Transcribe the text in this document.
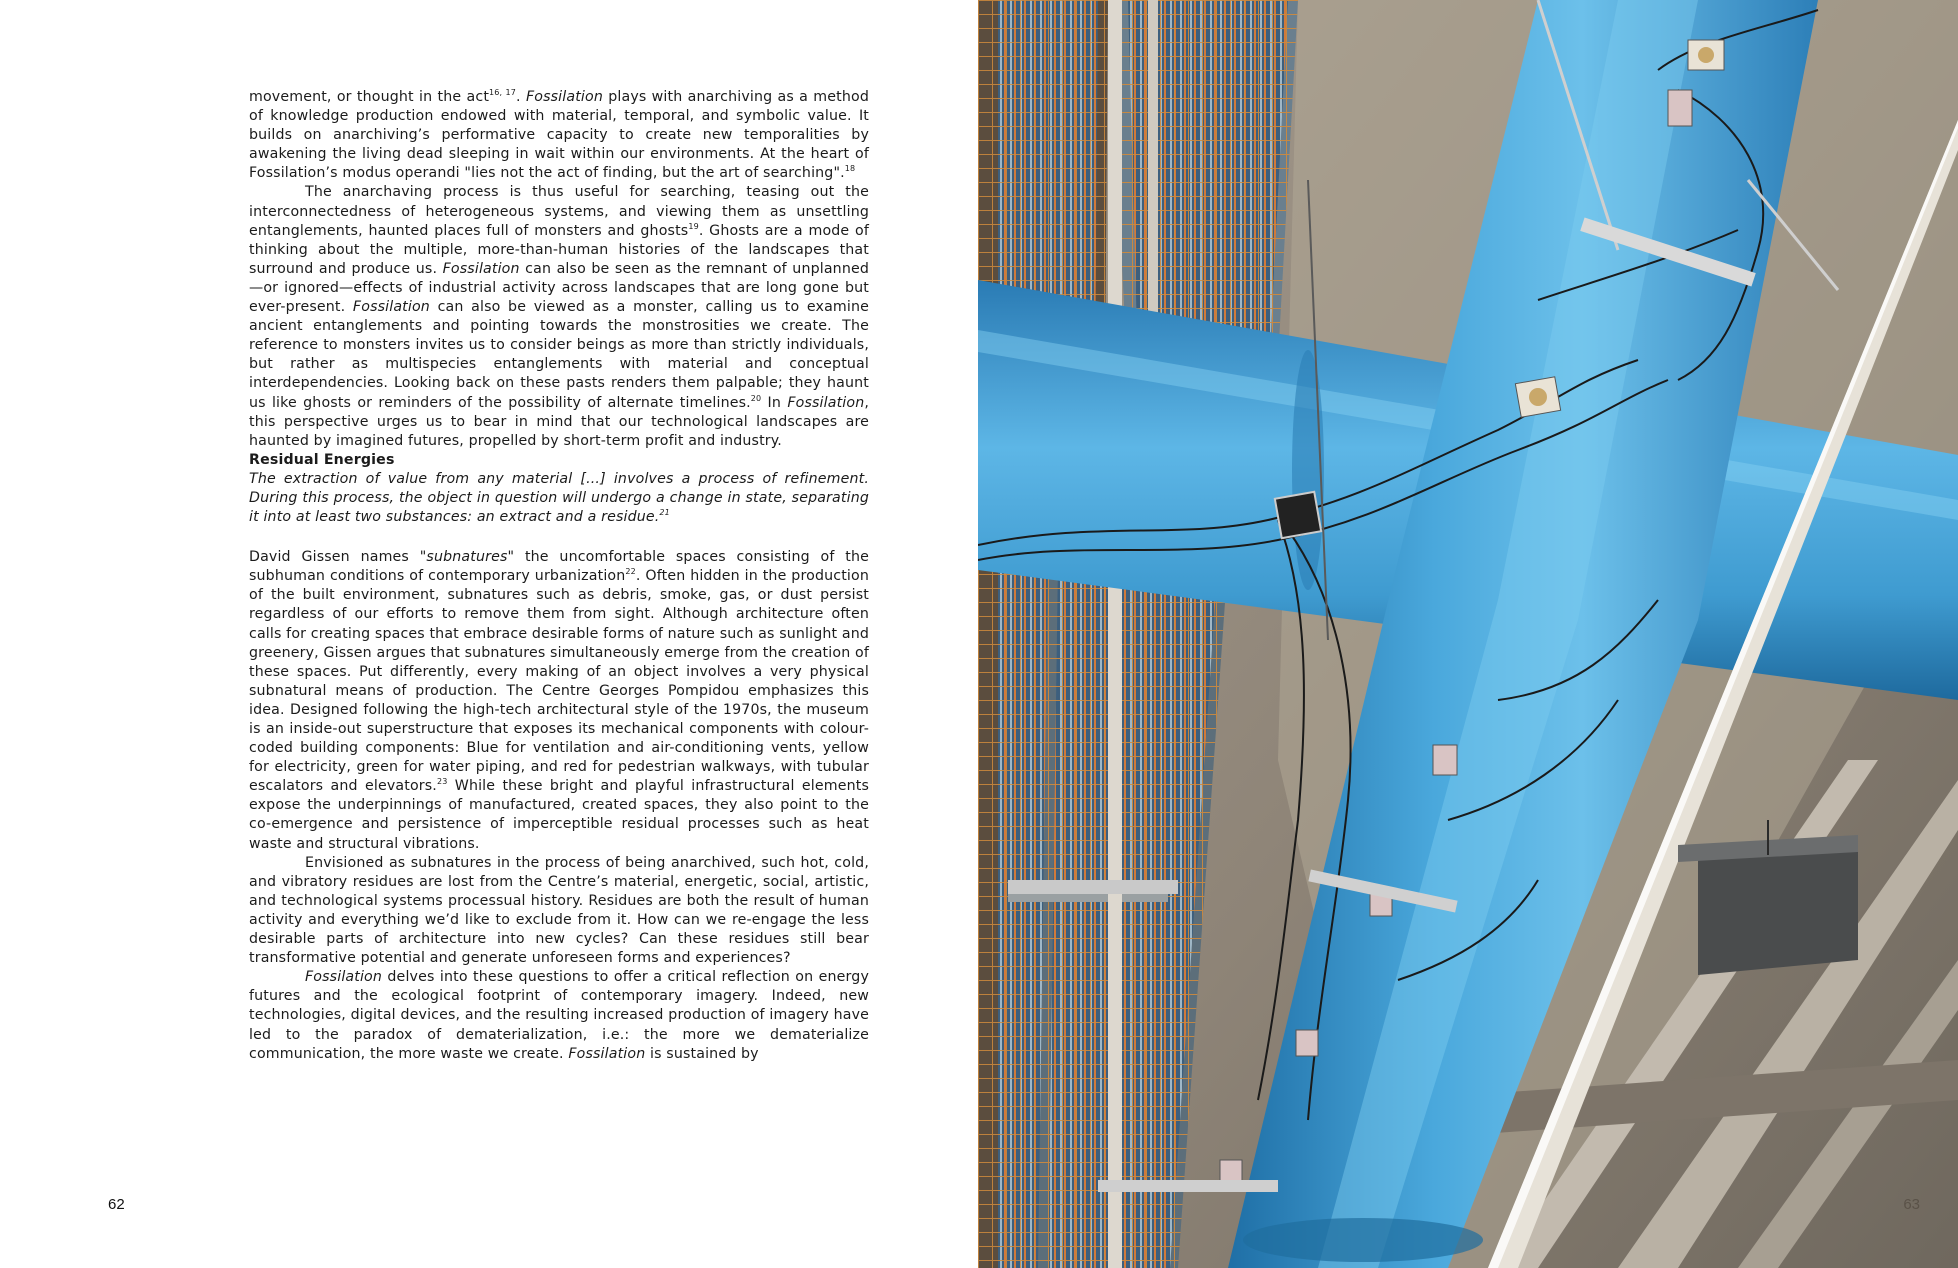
movement, or thought in the act$^{16, 17}$. Fossilation plays with anarchiving as a method of knowledge production endowed with material, temporal, and symbolic value. It builds on anarchiving’s performative capacity to create new temporalities by awakening the living dead sleeping in wait within our environments. At the heart of Fossilation’s modus operandi "lies not the act of finding, but the art of searching".$^{18}$

The anarchaving process is thus useful for searching, teasing out the interconnectedness of heterogeneous systems, and viewing them as unsettling entanglements, haunted places full of monsters and ghosts$^{19}$. Ghosts are a mode of thinking about the multiple, more-than-human histories of the landscapes that surround and produce us. Fossilation can also be seen as the remnant of unplanned—or ignored—effects of industrial activity across landscapes that are long gone but ever-present. Fossilation can also be viewed as a monster, calling us to examine ancient entanglements and pointing towards the monstrosities we create. The reference to monsters invites us to consider beings as more than strictly individuals, but rather as multispecies entanglements with material and conceptual interdependencies. Looking back on these pasts renders them palpable; they haunt us like ghosts or reminders of the possibility of alternate timelines.$^{20}$ In Fossilation, this perspective urges us to bear in mind that our technological landscapes are haunted by imagined futures, propelled by short-term profit and industry.

Residual Energies

The extraction of value from any material [...] involves a process of refinement. During this process, the object in question will undergo a change in state, separating it into at least two substances: an extract and a residue.$^{21}$

David Gissen names "subnatures" the uncomfortable spaces consisting of the subhuman conditions of contemporary urbanization$^{22}$. Often hidden in the production of the built environment, subnatures such as debris, smoke, gas, or dust persist regardless of our efforts to remove them from sight. Although architecture often calls for creating spaces that embrace desirable forms of nature such as sunlight and greenery, Gissen argues that subnatures simultaneously emerge from the creation of these spaces. Put differently, every making of an object involves a very physical subnatural means of production. The Centre Georges Pompidou emphasizes this idea. Designed following the high-tech architectural style of the 1970s, the museum is an inside-out superstructure that exposes its mechanical components with colour-coded building components: Blue for ventilation and air-conditioning vents, yellow for electricity, green for water piping, and red for pedestrian walkways, with tubular escalators and elevators.$^{23}$ While these bright and playful infrastructural elements expose the underpinnings of manufactured, created spaces, they also point to the co-emergence and persistence of imperceptible residual processes such as heat waste and structural vibrations.

Envisioned as subnatures in the process of being anarchived, such hot, cold, and vibratory residues are lost from the Centre’s material, energetic, social, artistic, and technological systems processual history. Residues are both the result of human activity and everything we’d like to exclude from it. How can we re-engage the less desirable parts of architecture into new cycles? Can these residues still bear transformative potential and generate unforeseen forms and experiences?

Fossilation delves into these questions to offer a critical reflection on energy futures and the ecological footprint of contemporary imagery. Indeed, new technologies, digital devices, and the resulting increased production of imagery have led to the paradox of dematerialization, i.e.: the more we dematerialize communication, the more waste we create. Fossilation is sustained by

62	63
